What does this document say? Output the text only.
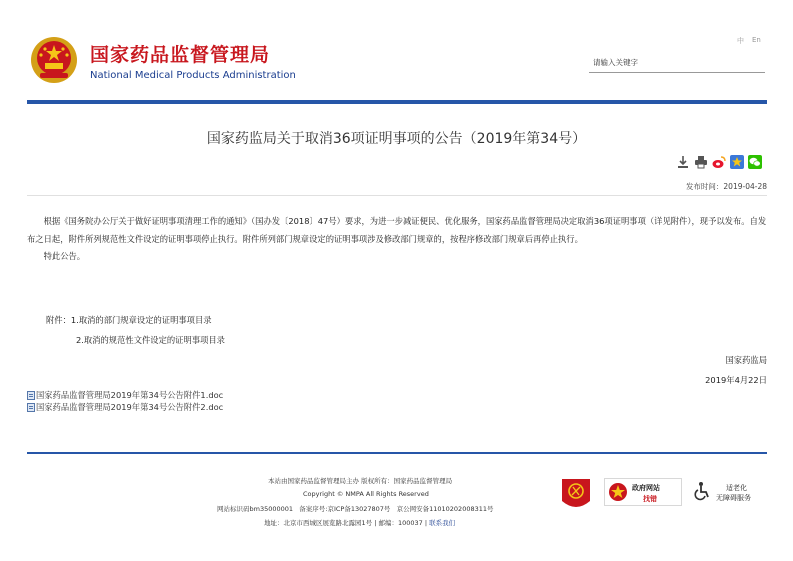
国家药品监督管理局
National Medical Products Administration
中 En
请输入关键字
国家药监局关于取消36项证明事项的公告（2019年第34号）
发布时间：2019-04-28

根据《国务院办公厅关于做好证明事项清理工作的通知》（国办发〔2018〕47号）要求，为进一步减证便民、优化服务，国家药品监督管理局决定取消36项证明事项（详见附件），现予以发布。自发布之日起，附件所列规范性文件设定的证明事项停止执行。附件所列部门规章设定的证明事项涉及修改部门规章的，按程序修改部门规章后再停止执行。

特此公告。

附件：1.取消的部门规章设定的证明事项目录
2.取消的规范性文件设定的证明事项目录
国家药监局
2019年4月22日
国家药品监督管理局2019年第34号公告附件1.doc
国家药品监督管理局2019年第34号公告附件2.doc
本站由国家药品监督管理局主办 版权所有：国家药品监督管理局
Copyright © NMPA All Rights Reserved
网站标识码bm35000001 备案序号:京ICP备13027807号 京公网安备11010202008311号
地址：北京市西城区展览路北露园1号 | 邮编：100037 | 联系我们
政府网站
找错
适老化
无障碍服务
